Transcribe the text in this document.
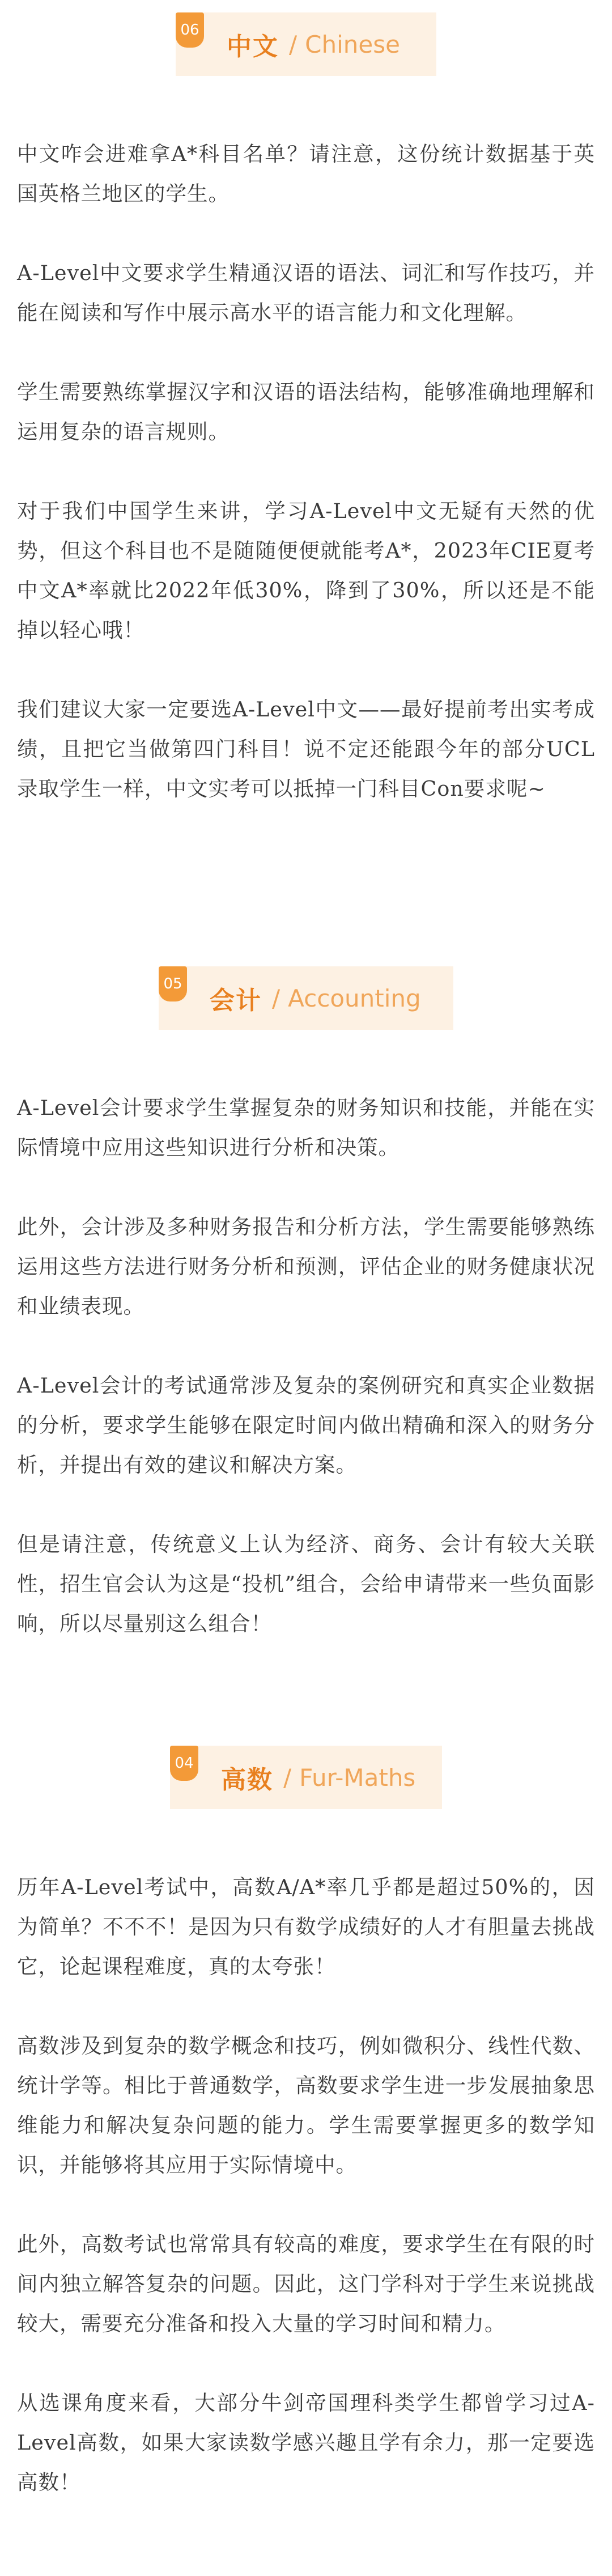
06
中文 / Chinese

中文咋会进难拿A*科目名单？请注意，这份统计数据基于英国英格兰地区的学生。

A-Level中文要求学生精通汉语的语法、词汇和写作技巧，并能在阅读和写作中展示高水平的语言能力和文化理解。

学生需要熟练掌握汉字和汉语的语法结构，能够准确地理解和运用复杂的语言规则。

对于我们中国学生来讲，学习A-Level中文无疑有天然的优势，但这个科目也不是随随便便就能考A*，2023年CIE夏考中文A*率就比2022年低30%，降到了30%，所以还是不能掉以轻心哦！

我们建议大家一定要选A-Level中文——最好提前考出实考成绩，且把它当做第四门科目！说不定还能跟今年的部分UCL录取学生一样，中文实考可以抵掉一门科目Con要求呢~

05
会计 / Accounting

A-Level会计要求学生掌握复杂的财务知识和技能，并能在实际情境中应用这些知识进行分析和决策。

此外，会计涉及多种财务报告和分析方法，学生需要能够熟练运用这些方法进行财务分析和预测，评估企业的财务健康状况和业绩表现。

A-Level会计的考试通常涉及复杂的案例研究和真实企业数据的分析，要求学生能够在限定时间内做出精确和深入的财务分析，并提出有效的建议和解决方案。

但是请注意，传统意义上认为经济、商务、会计有较大关联性，招生官会认为这是“投机”组合，会给申请带来一些负面影响，所以尽量别这么组合！

04
高数 / Fur-Maths

历年A-Level考试中，高数A/A*率几乎都是超过50%的，因为简单？不不不！是因为只有数学成绩好的人才有胆量去挑战它，论起课程难度，真的太夸张！

高数涉及到复杂的数学概念和技巧，例如微积分、线性代数、统计学等。相比于普通数学，高数要求学生进一步发展抽象思维能力和解决复杂问题的能力。学生需要掌握更多的数学知识，并能够将其应用于实际情境中。

此外，高数考试也常常具有较高的难度，要求学生在有限的时间内独立解答复杂的问题。因此，这门学科对于学生来说挑战较大，需要充分准备和投入大量的学习时间和精力。

从选课角度来看，大部分牛剑帝国理科类学生都曾学习过A-Level高数，如果大家读数学感兴趣且学有余力，那一定要选高数！
